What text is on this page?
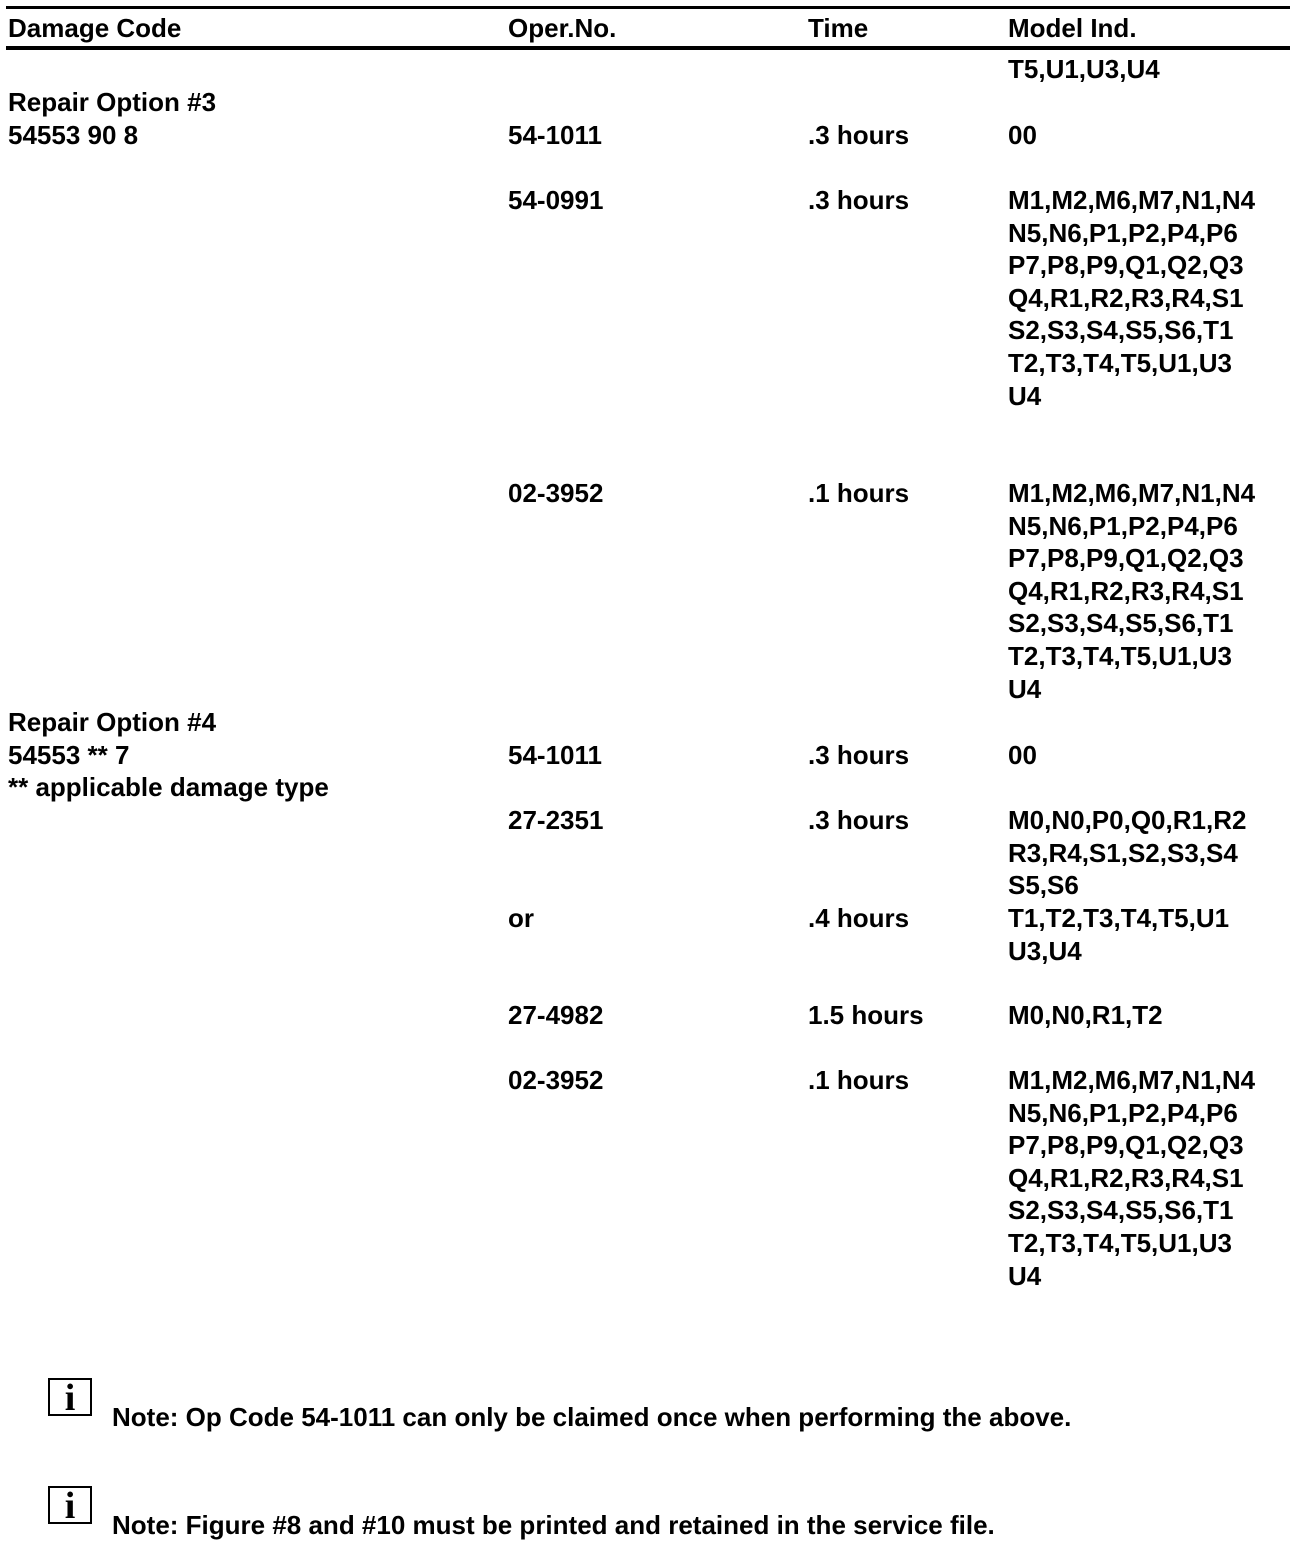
Damage Code	Oper.No.	Time	Model Ind.
T5,U1,U3,U4
Repair Option #3
54553 90 8	54-1011	.3 hours	00
54-0991	.3 hours	M1,M2,M6,M7,N1,N4
N5,N6,P1,P2,P4,P6
P7,P8,P9,Q1,Q2,Q3
Q4,R1,R2,R3,R4,S1
S2,S3,S4,S5,S6,T1
T2,T3,T4,T5,U1,U3
U4
02-3952	.1 hours	M1,M2,M6,M7,N1,N4
N5,N6,P1,P2,P4,P6
P7,P8,P9,Q1,Q2,Q3
Q4,R1,R2,R3,R4,S1
S2,S3,S4,S5,S6,T1
T2,T3,T4,T5,U1,U3
U4
Repair Option #4
54553 ** 7
** applicable damage type
54-1011	.3 hours	00
27-2351	.3 hours	M0,N0,P0,Q0,R1,R2
R3,R4,S1,S2,S3,S4
S5,S6
or	.4 hours	T1,T2,T3,T4,T5,U1
U3,U4
27-4982	1.5 hours	M0,N0,R1,T2
02-3952	.1 hours	M1,M2,M6,M7,N1,N4
N5,N6,P1,P2,P4,P6
P7,P8,P9,Q1,Q2,Q3
Q4,R1,R2,R3,R4,S1
S2,S3,S4,S5,S6,T1
T2,T3,T4,T5,U1,U3
U4
i	Note: Op Code 54-1011 can only be claimed once when performing the above.
i	Note: Figure #8 and #10 must be printed and retained in the service file.
